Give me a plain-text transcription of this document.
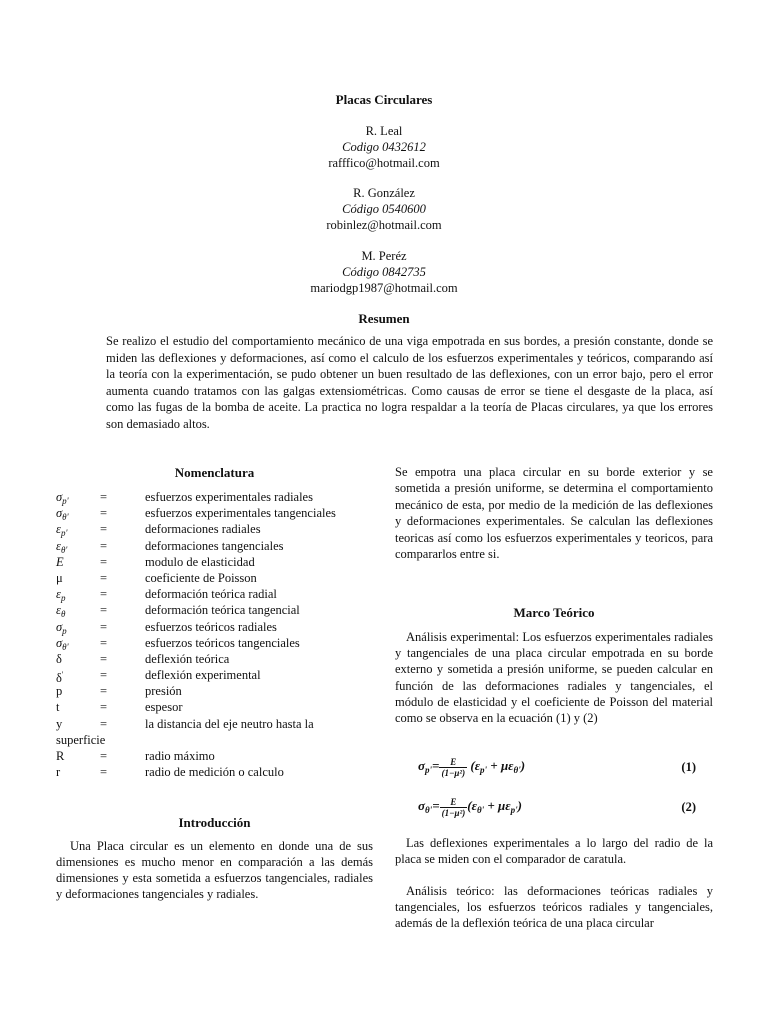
Placas Circulares
R. Leal
Codigo 0432612
rafffico@hotmail.com
R. González
Código 0540600
robinlez@hotmail.com
M. Peréz
Código 0842735
mariodgp1987@hotmail.com
Resumen
Se realizo el estudio del comportamiento mecánico de una viga empotrada en sus bordes, a presión constante, donde se miden las deflexiones y deformaciones, así como el calculo de los esfuerzos experimentales y teóricos, comparando así la teoría con la experimentación, se pudo obtener un buen resultado de las deflexiones, con un error bajo, pero el error aumenta cuando tratamos con las galgas extensiométricas. Como causas de error se tiene el desgaste de la placa, así como las fugas de la bomba de aceite. La practica no logra respaldar a la teoría de Placas circulares, ya que los errores son demasiado altos.
Nomenclatura
$\sigma_{p'}$	=	esfuerzos experimentales radiales
$\sigma_{\theta'}$	=	esfuerzos experimentales tangenciales
$\varepsilon_{p'}$	=	deformaciones radiales
$\varepsilon_{\theta'}$	=	deformaciones tangenciales
E	=	modulo de elasticidad
μ	=	coeficiente de Poisson
$\varepsilon_p$	=	deformación teórica radial
$\varepsilon_\theta$	=	deformación teórica tangencial
$\sigma_p$	=	esfuerzos teóricos radiales
$\sigma_{\theta'}$	=	esfuerzos teóricos tangenciales
δ	=	deflexión teórica
δ'	=	deflexión experimental
p	=	presión
t	=	espesor
y	=	la distancia del eje neutro hasta la
superficie
R	=	radio máximo
r	=	radio de medición o calculo
Introducción
Una Placa circular es un elemento en donde una de sus dimensiones es mucho menor en comparación a las demás dimensiones y esta sometida a esfuerzos tangenciales, radiales y deformaciones tangenciales y radiales.
Se empotra una placa circular en su borde exterior y se sometida a presión uniforme, se determina el comportamiento mecánico de esta, por medio de la medición de las deflexiones y deformaciones experimentales. Se calculan las deflexiones teoricas así como los esfuerzos experimentales y teoricos, para compararlos entre si.
Marco Teórico
Análisis experimental: Los esfuerzos experimentales radiales y tangenciales de una placa circular empotrada en su borde externo y sometida a presión uniforme, se pueden calcular en función de las deformaciones radiales y tangenciales, el módulo de elasticidad y el coeficiente de Poisson del material como se observa en la ecuación (1) y (2)
$\sigma_{p'}= \frac{E}{\text{(1−μ²)}} (\varepsilon_{p'} + \mu\varepsilon_{\theta'})$	(1)
$\sigma_{\theta'}= \frac{E}{\text{(1−μ²)}} (\varepsilon_{\theta'} + \mu\varepsilon_{p'})$	(2)
Las deflexiones experimentales a lo largo del radio de la placa se miden con el comparador de caratula.
Análisis teórico: las deformaciones teóricas radiales y tangenciales, los esfuerzos teóricos radiales y tangenciales, además de la deflexión teórica de una placa circular
